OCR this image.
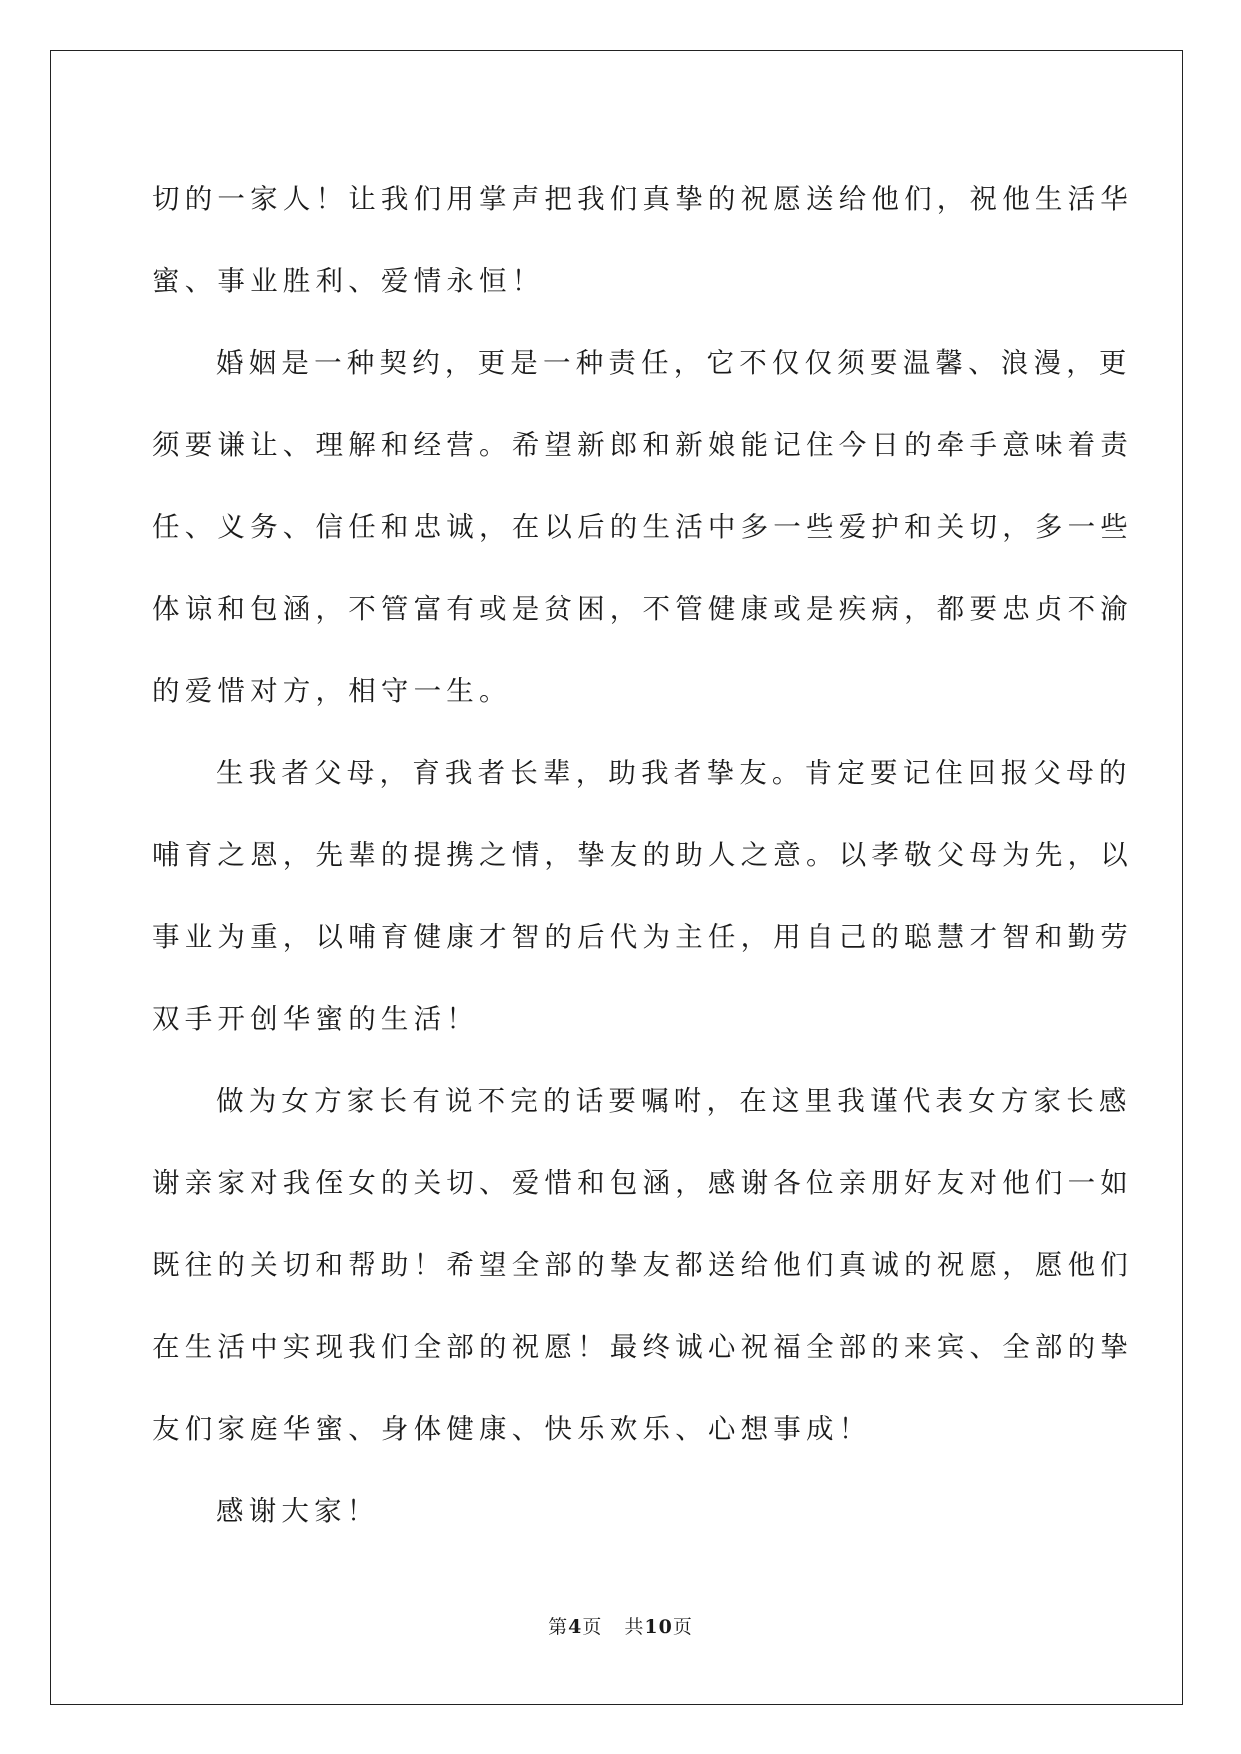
切的一家人！让我们用掌声把我们真挚的祝愿送给他们，祝他生活华
蜜、事业胜利、爱情永恒！
婚姻是一种契约，更是一种责任，它不仅仅须要温馨、浪漫，更
须要谦让、理解和经营。希望新郎和新娘能记住今日的牵手意味着责
任、义务、信任和忠诚，在以后的生活中多一些爱护和关切，多一些
体谅和包涵，不管富有或是贫困，不管健康或是疾病，都要忠贞不渝
的爱惜对方，相守一生。
生我者父母，育我者长辈，助我者挚友。肯定要记住回报父母的
哺育之恩，先辈的提携之情，挚友的助人之意。以孝敬父母为先，以
事业为重，以哺育健康才智的后代为主任，用自己的聪慧才智和勤劳
双手开创华蜜的生活！
做为女方家长有说不完的话要嘱咐，在这里我谨代表女方家长感
谢亲家对我侄女的关切、爱惜和包涵，感谢各位亲朋好友对他们一如
既往的关切和帮助！希望全部的挚友都送给他们真诚的祝愿，愿他们
在生活中实现我们全部的祝愿！最终诚心祝福全部的来宾、全部的挚
友们家庭华蜜、身体健康、快乐欢乐、心想事成！
感谢大家！

第4页 共10页
